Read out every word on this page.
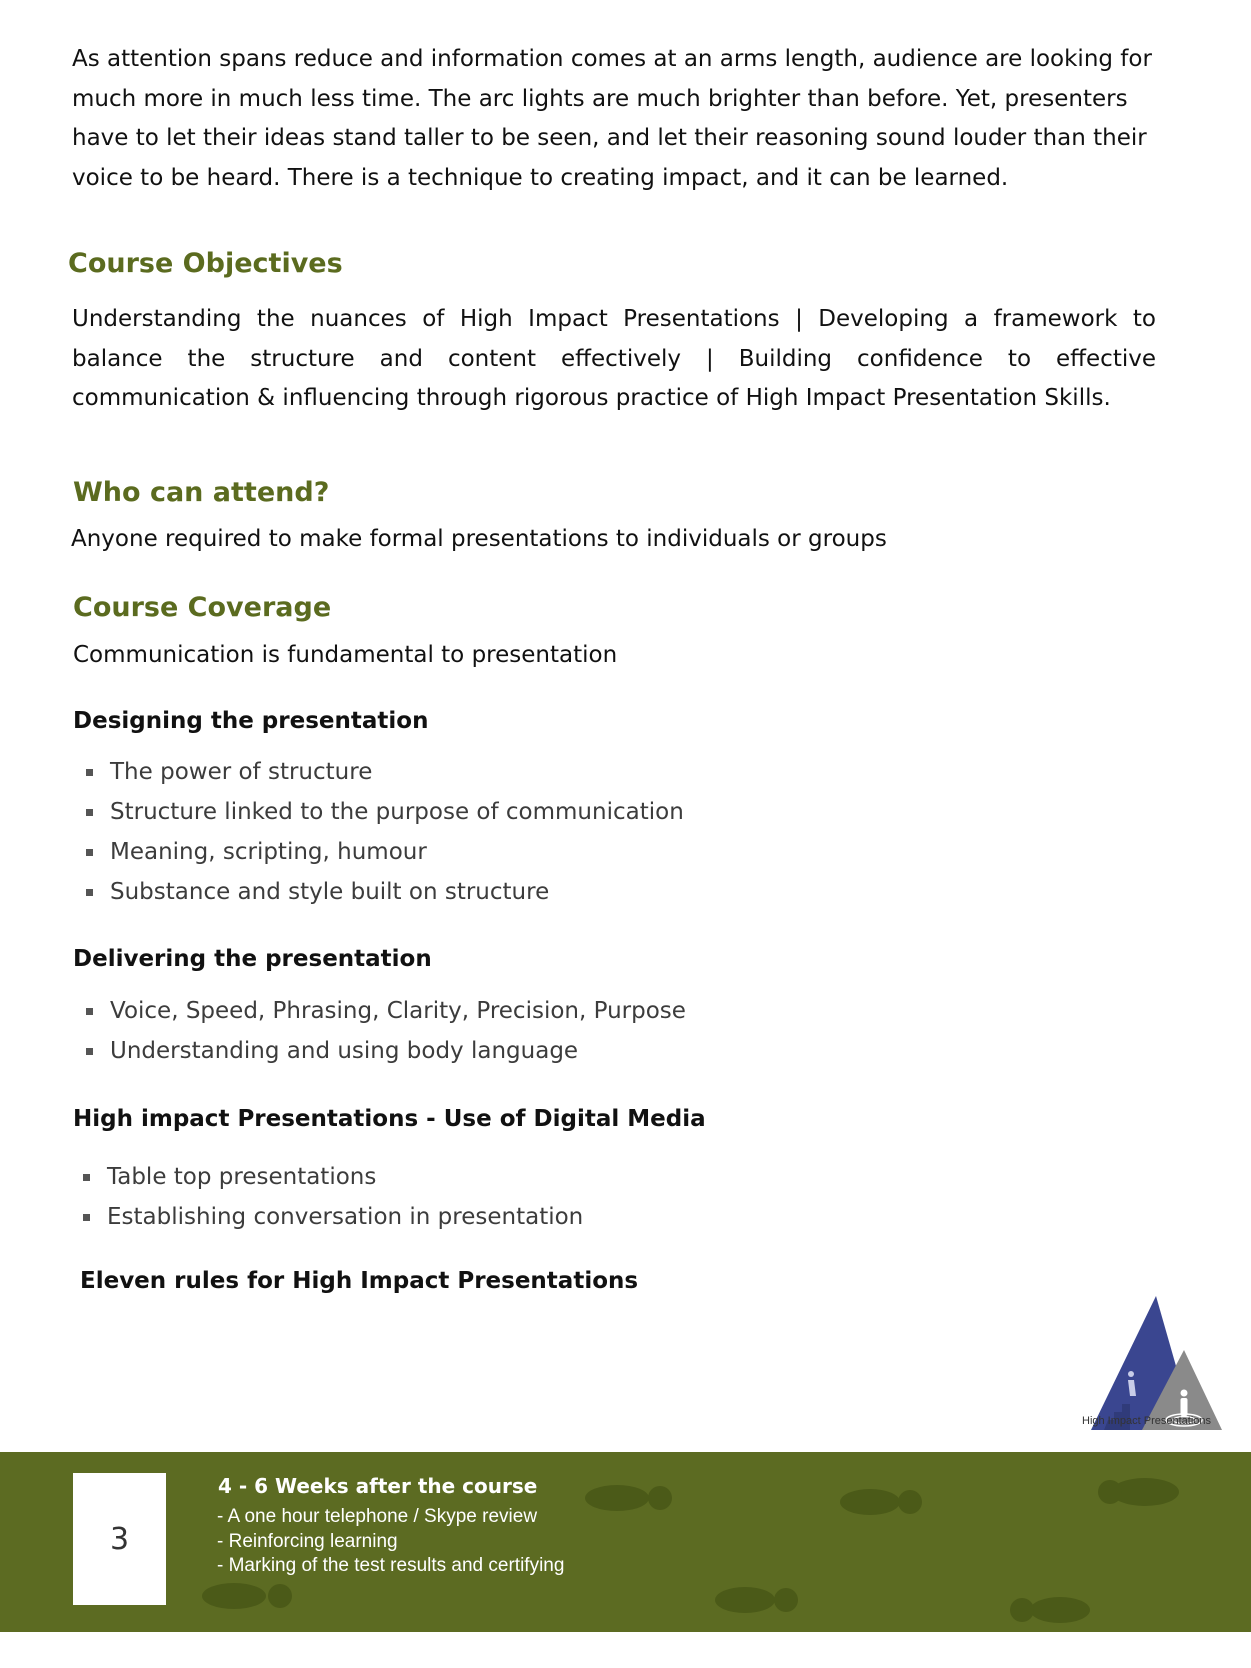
As attention spans reduce and information comes at an arms length, audience are looking for much more in much less time. The arc lights are much brighter than before. Yet, presenters have to let their ideas stand taller to be seen, and let their reasoning sound louder than their voice to be heard. There is a technique to creating impact, and it can be learned.

Course Objectives

Understanding the nuances of High Impact Presentations | Developing a framework to balance the structure and content effectively | Building confidence to effective communication & influencing through rigorous practice of High Impact Presentation Skills.

Who can attend?

Anyone required to make formal presentations to individuals or groups

Course Coverage

Communication is fundamental to presentation

Designing the presentation
The power of structure
Structure linked to the purpose of communication
Meaning, scripting, humour
Substance and style built on structure
Delivering the presentation
Voice, Speed, Phrasing, Clarity, Precision, Purpose
Understanding and using body language
High impact Presentations - Use of Digital Media
Table top presentations
Establishing conversation in presentation
Eleven rules for High Impact Presentations
High Impact Presentations
3
4 - 6 Weeks after the course
- A one hour telephone / Skype review
- Reinforcing learning
- Marking of the test results and certifying
